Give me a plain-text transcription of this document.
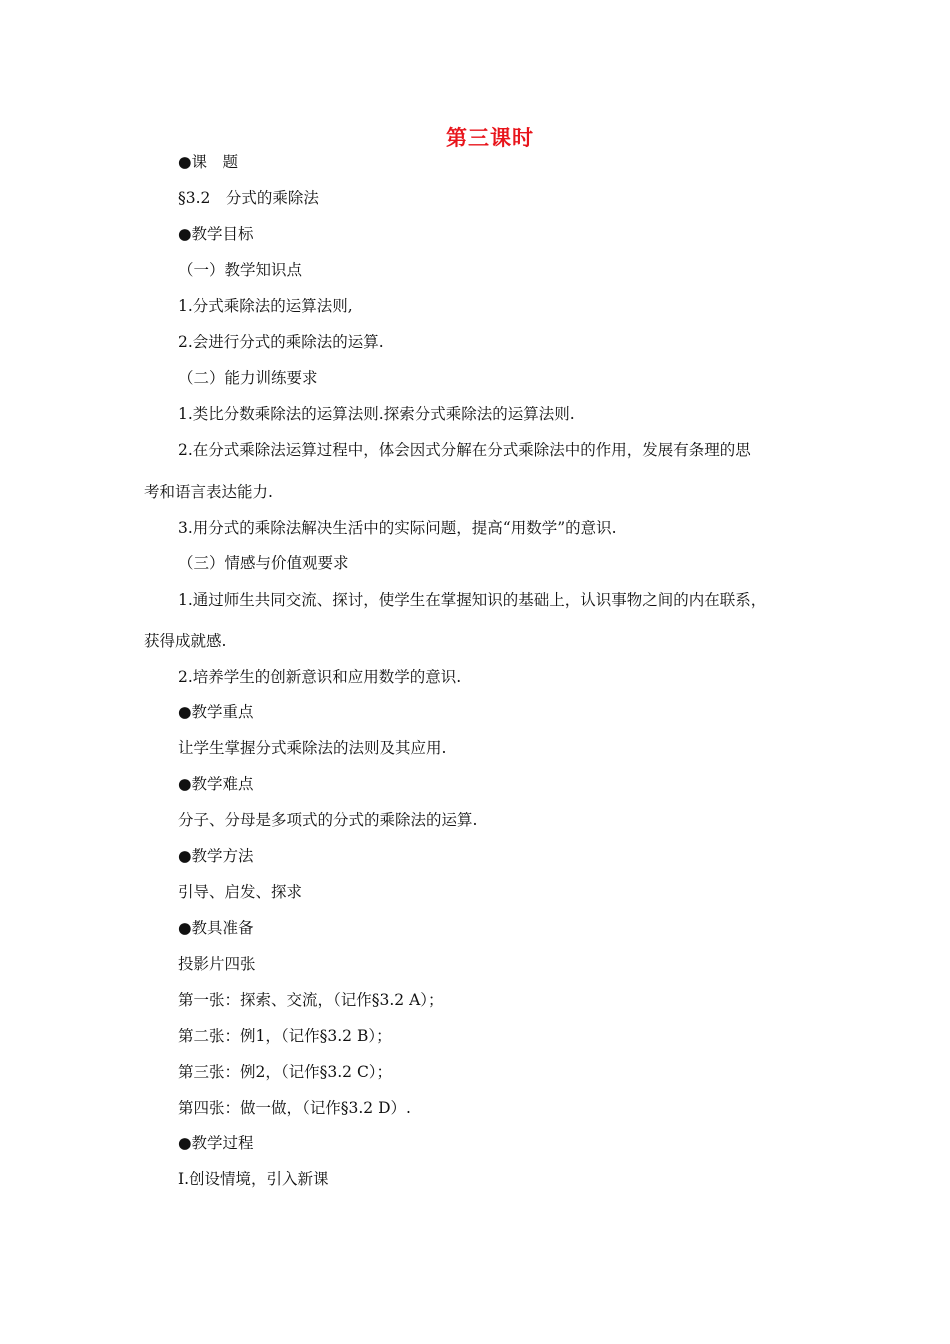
第三课时
●课　题
§3.2　分式的乘除法
●教学目标
（一）教学知识点
1.分式乘除法的运算法则,
2.会进行分式的乘除法的运算.
（二）能力训练要求
1.类比分数乘除法的运算法则.探索分式乘除法的运算法则.
2.在分式乘除法运算过程中，体会因式分解在分式乘除法中的作用，发展有条理的思
考和语言表达能力.
3.用分式的乘除法解决生活中的实际问题，提高“用数学”的意识.
（三）情感与价值观要求
1.通过师生共同交流、探讨，使学生在掌握知识的基础上，认识事物之间的内在联系，
获得成就感.
2.培养学生的创新意识和应用数学的意识.
●教学重点
让学生掌握分式乘除法的法则及其应用.
●教学难点
分子、分母是多项式的分式的乘除法的运算.
●教学方法
引导、启发、探求
●教具准备
投影片四张
第一张：探索、交流，（记作§3.2 A）；
第二张：例1，（记作§3.2 B）；
第三张：例2，（记作§3.2 C）；
第四张：做一做，（记作§3.2 D）.
●教学过程
Ⅰ.创设情境，引入新课
